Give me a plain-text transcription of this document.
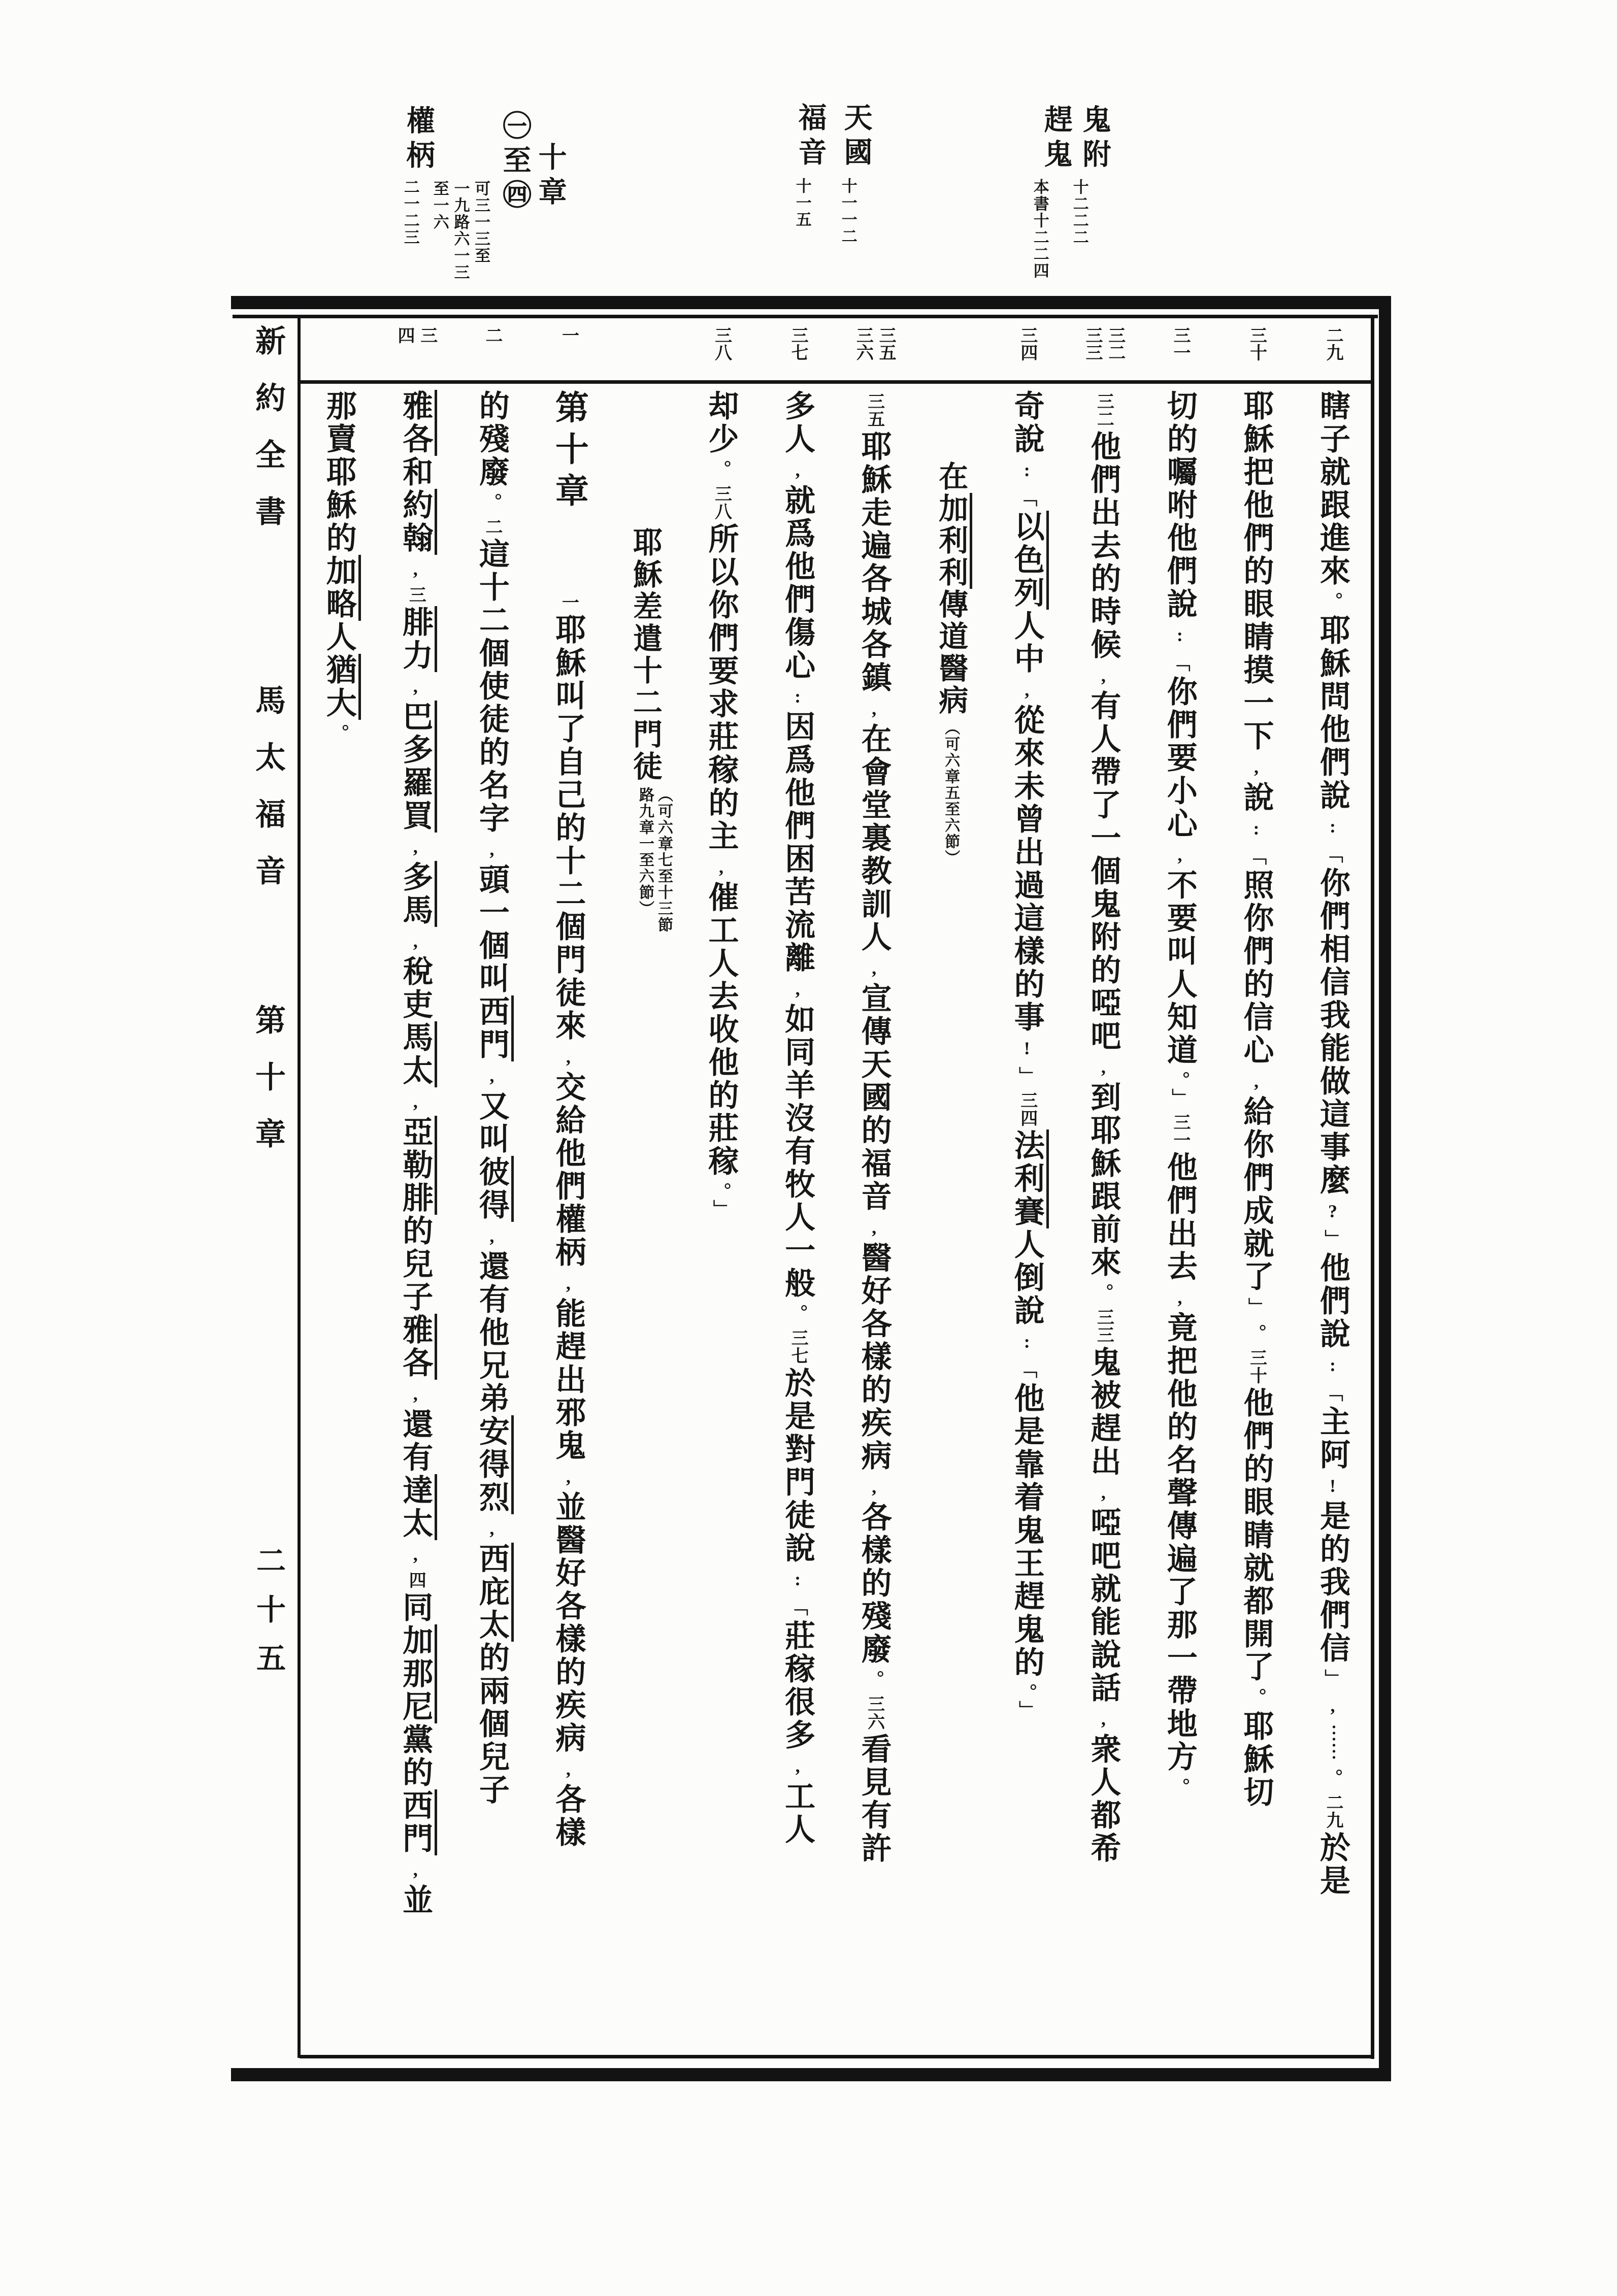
新約全書
馬太福音
第十章
二十五
鬼附
十二二二
趕鬼
本書十二二四
天國
十一一二
福音
十一五
十章
㊀至㊃
可三一三至
一九路六一三
至一六
權柄
二一二三
二九
瞎子就跟進來。耶穌問他們說:﹁你們相信我能做這事麼?﹂他們說:﹁主阿!是的我們信﹂,︙︙。二九於是
三十
耶穌把他們的眼睛摸一下,說:﹁照你們的信心,給你們成就了﹂。三十他們的眼睛就都開了。耶穌切
三一
切的囑咐他們說:﹁你們要小心,不要叫人知道。﹂三一他們出去,竟把他的名聲傳遍了那一帶地方。
三二
三三
三二他們出去的時候,有人帶了一個鬼附的啞吧,到耶穌跟前來。三三鬼被趕出,啞吧就能說話,衆人都希
三四
奇說:﹁以色列人中,從來未曾出過這樣的事!﹂三四法利賽人倒說:﹁他是靠着鬼王趕鬼的。﹂
在加利利傳道醫病︵可六章五至六節︶
三五
三六
三五耶穌走遍各城各鎮,在會堂裏教訓人,宣傳天國的福音,醫好各樣的疾病,各樣的殘廢。三六看見有許
三七
多人,就爲他們傷心:因爲他們困苦流離,如同羊沒有牧人一般。三七於是對門徒說:﹁莊稼很多,工人
三八
却少。三八所以你們要求莊稼的主,催工人去收他的莊稼。﹂
耶穌差遣十二門徒
︵可六章七至十三節
路九章一至六節︶
一
第十章一耶穌叫了自己的十二個門徒來,交給他們權柄,能趕出邪鬼,並醫好各樣的疾病,各樣
二
的殘廢。二這十二個使徒的名字,頭一個叫西門,又叫彼得,還有他兄弟安得烈,西庇太的兩個兒子
三
四
雅各和約翰,三腓力,巴多羅買,多馬,稅吏馬太,亞勒腓的兒子雅各,還有達太,四同加那尼黨的西門,並
那賣耶穌的加略人猶大。
